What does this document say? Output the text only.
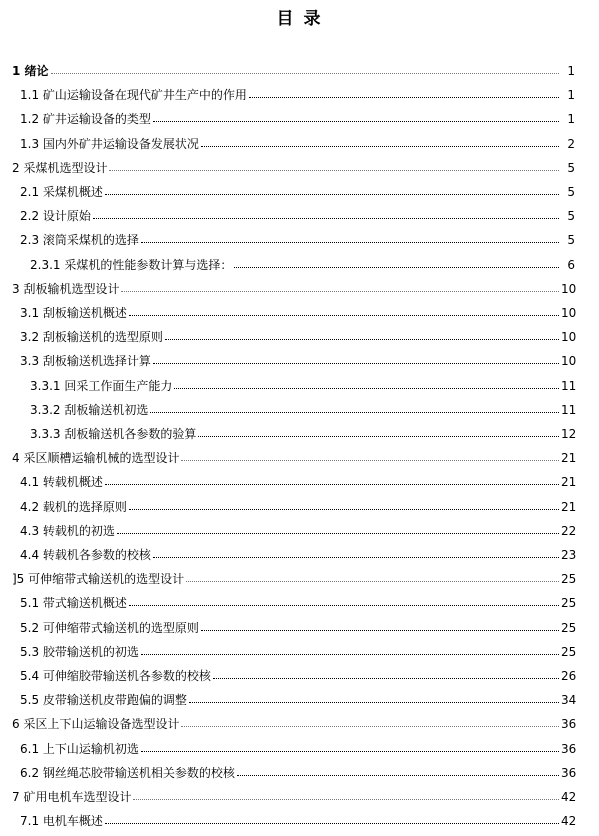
目 录
1 绪论	1
1.1 矿山运输设备在现代矿井生产中的作用	1
1.2 矿井运输设备的类型	1
1.3 国内外矿井运输设备发展状况	2
2 采煤机选型设计	5
2.1 采煤机概述	5
2.2 设计原始	5
2.3 滚筒采煤机的选择	5
2.3.1 采煤机的性能参数计算与选择：	6
3 刮板输机选型设计	10
3.1 刮板输送机概述	10
3.2 刮板输送机的选型原则	10
3.3 刮板输送机选择计算	10
3.3.1 回采工作面生产能力	11
3.3.2 刮板输送机初选	11
3.3.3 刮板输送机各参数的验算	12
4 采区顺槽运输机械的选型设计	21
4.1 转载机概述	21
4.2 载机的选择原则	21
4.3 转载机的初选	22
4.4 转载机各参数的校核	23
]5 可伸缩带式输送机的选型设计	25
5.1 带式输送机概述	25
5.2 可伸缩带式输送机的选型原则	25
5.3 胶带输送机的初选	25
5.4 可伸缩胶带输送机各参数的校核	26
5.5 皮带输送机皮带跑偏的调整	34
6 采区上下山运输设备选型设计	36
6.1 上下山运输机初选	36
6.2 钢丝绳芯胶带输送机相关参数的校核	36
7 矿用电机车选型设计	42
7.1 电机车概述	42
